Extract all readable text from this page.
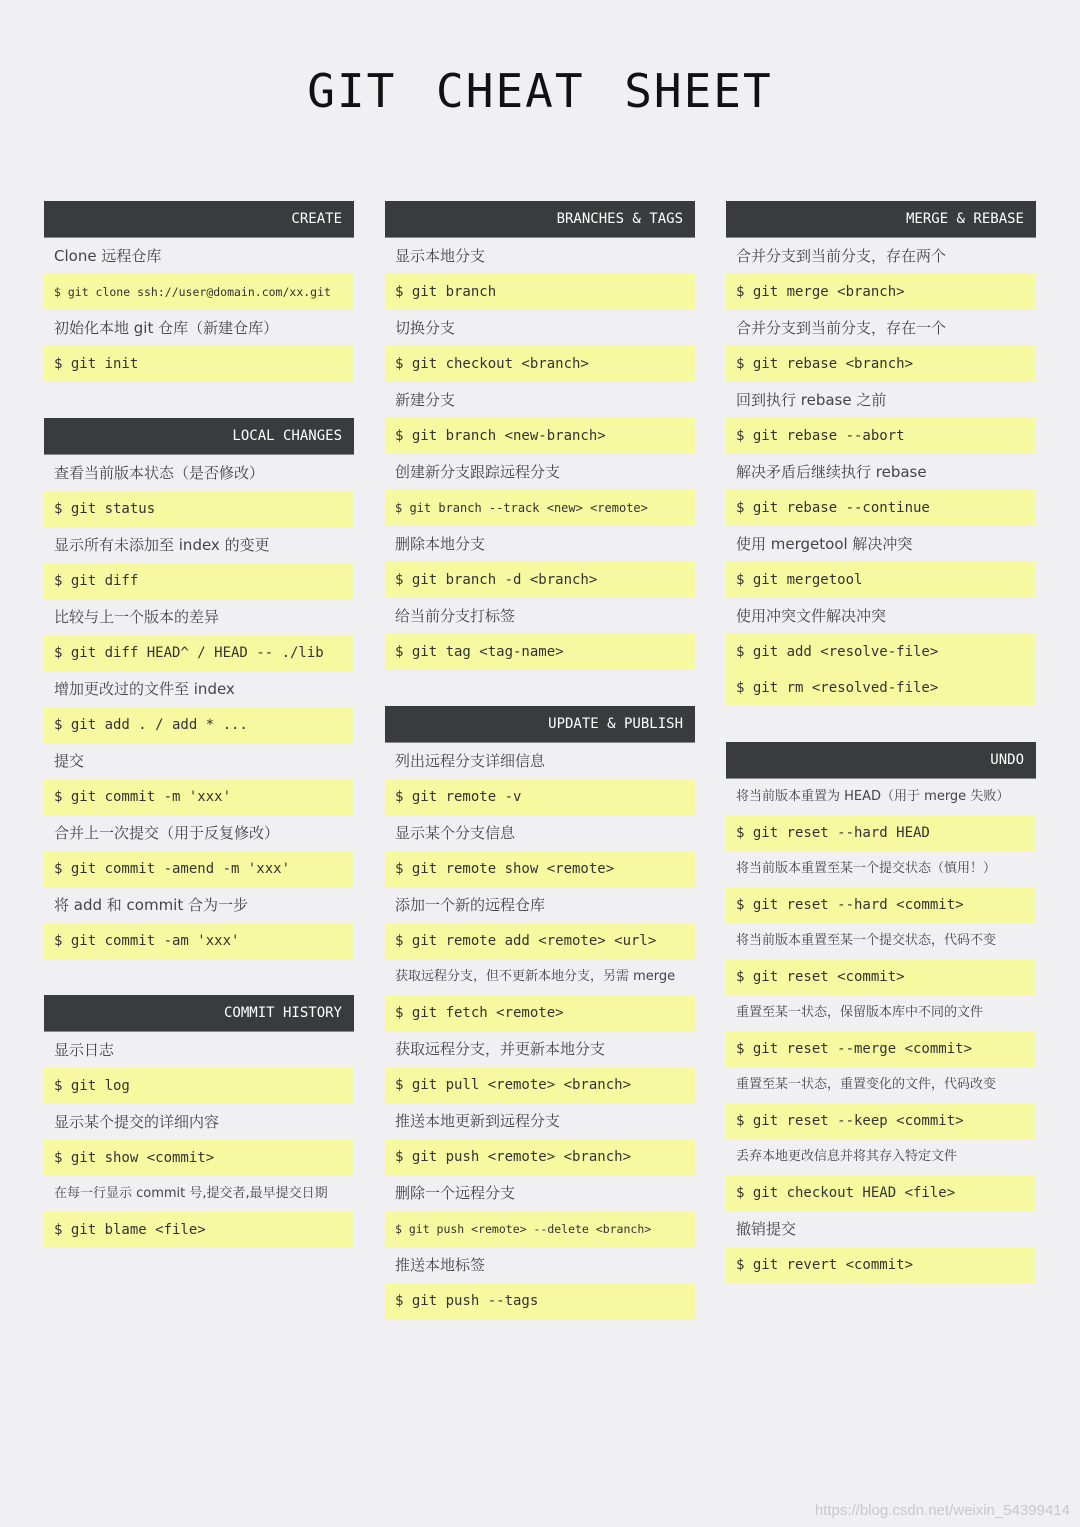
GIT CHEAT SHEET
CREATE
Clone 远程仓库
$ git clone ssh://user@domain.com/xx.git
初始化本地 git 仓库（新建仓库）
$ git init
LOCAL CHANGES
查看当前版本状态（是否修改）
$ git status
显示所有未添加至 index 的变更
$ git diff
比较与上一个版本的差异
$ git diff HEAD^ / HEAD -- ./lib
增加更改过的文件至 index
$ git add . / add * ...
提交
$ git commit -m 'xxx'
合并上一次提交（用于反复修改）
$ git commit -amend -m 'xxx'
将 add 和 commit 合为一步
$ git commit -am 'xxx'
COMMIT HISTORY
显示日志
$ git log
显示某个提交的详细内容
$ git show <commit>
在每一行显示 commit 号,提交者,最早提交日期
$ git blame <file>
BRANCHES & TAGS
显示本地分支
$ git branch
切换分支
$ git checkout <branch>
新建分支
$ git branch <new-branch>
创建新分支跟踪远程分支
$ git branch --track <new> <remote>
删除本地分支
$ git branch -d <branch>
给当前分支打标签
$ git tag <tag-name>
UPDATE & PUBLISH
列出远程分支详细信息
$ git remote -v
显示某个分支信息
$ git remote show <remote>
添加一个新的远程仓库
$ git remote add <remote> <url>
获取远程分支，但不更新本地分支，另需 merge
$ git fetch <remote>
获取远程分支，并更新本地分支
$ git pull <remote> <branch>
推送本地更新到远程分支
$ git push <remote> <branch>
删除一个远程分支
$ git push <remote> --delete <branch>
推送本地标签
$ git push --tags
MERGE & REBASE
合并分支到当前分支，存在两个
$ git merge <branch>
合并分支到当前分支，存在一个
$ git rebase <branch>
回到执行 rebase 之前
$ git rebase --abort
解决矛盾后继续执行 rebase
$ git rebase --continue
使用 mergetool 解决冲突
$ git mergetool
使用冲突文件解决冲突
$ git add <resolve-file>
$ git rm <resolved-file>
UNDO
将当前版本重置为 HEAD（用于 merge 失败）
$ git reset --hard HEAD
将当前版本重置至某一个提交状态（慎用！）
$ git reset --hard <commit>
将当前版本重置至某一个提交状态，代码不变
$ git reset <commit>
重置至某一状态，保留版本库中不同的文件
$ git reset --merge <commit>
重置至某一状态，重置变化的文件，代码改变
$ git reset --keep <commit>
丢弃本地更改信息并将其存入特定文件
$ git checkout HEAD <file>
撤销提交
$ git revert <commit>
https://blog.csdn.net/weixin_54399414
